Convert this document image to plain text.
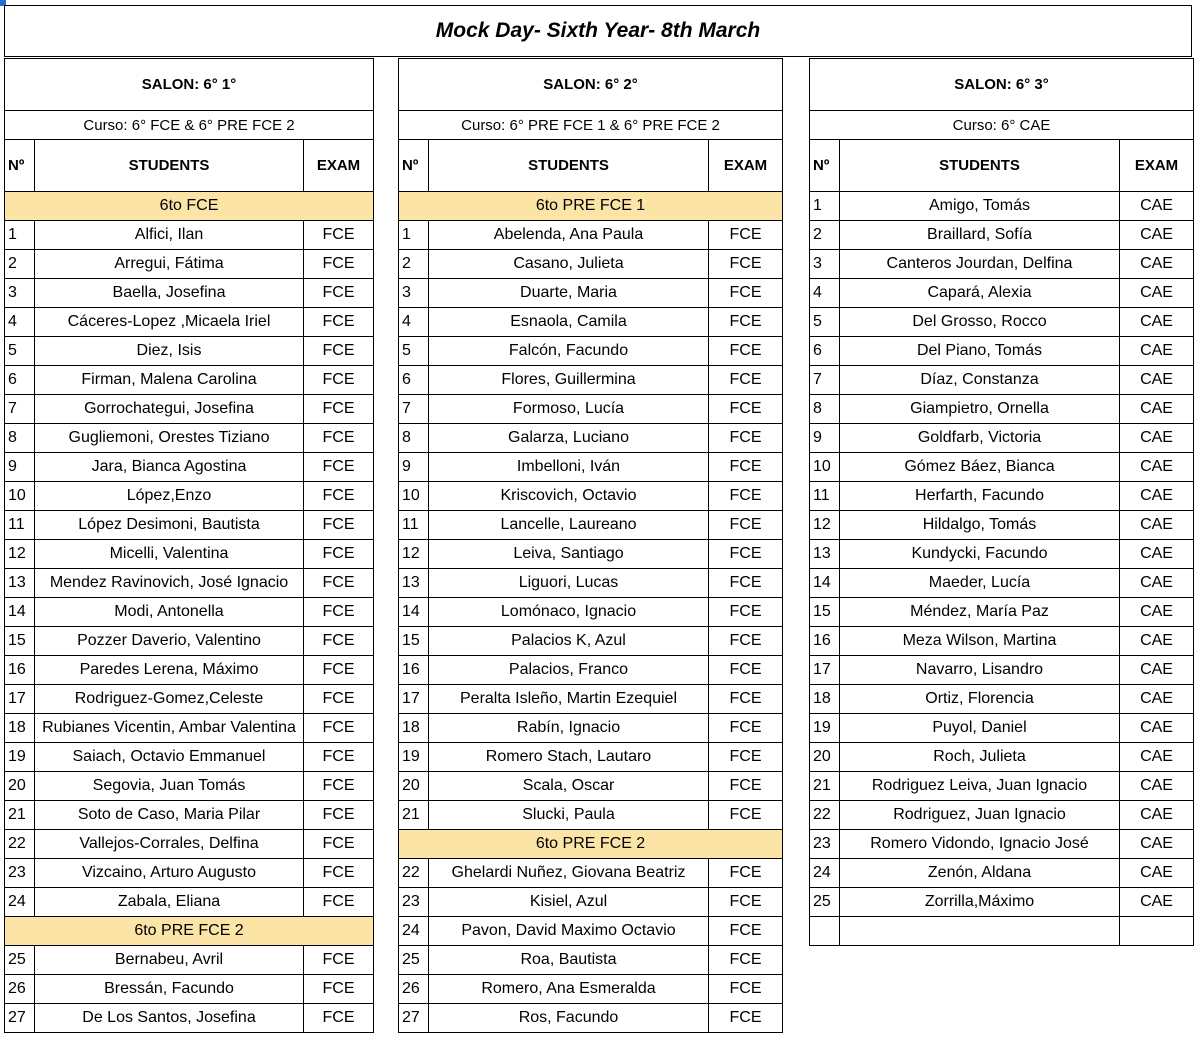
Mock Day- Sixth Year- 8th March
SALON: 6° 1°		
Curso: 6° FCE & 6° PRE FCE 2		
Nº	STUDENTS	EXAM
6to FCE		
1	Alfici, Ilan	FCE
2	Arregui, Fátima	FCE
3	Baella, Josefina	FCE
4	Cáceres-Lopez ,Micaela Iriel	FCE
5	Diez, Isis	FCE
6	Firman, Malena Carolina	FCE
7	Gorrochategui, Josefina	FCE
8	Gugliemoni, Orestes Tiziano	FCE
9	Jara, Bianca Agostina	FCE
10	López,Enzo	FCE
11	López Desimoni, Bautista	FCE
12	Micelli, Valentina	FCE
13	Mendez Ravinovich, José Ignacio	FCE
14	Modi, Antonella	FCE
15	Pozzer Daverio, Valentino	FCE
16	Paredes Lerena, Máximo	FCE
17	Rodriguez-Gomez,Celeste	FCE
18	Rubianes Vicentin, Ambar Valentina	FCE
19	Saiach, Octavio Emmanuel	FCE
20	Segovia, Juan Tomás	FCE
21	Soto de Caso, Maria Pilar	FCE
22	Vallejos-Corrales, Delfina	FCE
23	Vizcaino, Arturo Augusto	FCE
24	Zabala, Eliana	FCE
6to PRE FCE 2		
25	Bernabeu, Avril	FCE
26	Bressán, Facundo	FCE
27	De Los Santos, Josefina	FCE
SALON: 6° 2°		
Curso: 6° PRE FCE 1 & 6° PRE FCE 2		
Nº	STUDENTS	EXAM
6to PRE FCE 1		
1	Abelenda, Ana Paula	FCE
2	Casano, Julieta	FCE
3	Duarte, Maria	FCE
4	Esnaola, Camila	FCE
5	Falcón, Facundo	FCE
6	Flores, Guillermina	FCE
7	Formoso, Lucía	FCE
8	Galarza, Luciano	FCE
9	Imbelloni, Iván	FCE
10	Kriscovich, Octavio	FCE
11	Lancelle, Laureano	FCE
12	Leiva, Santiago	FCE
13	Liguori, Lucas	FCE
14	Lomónaco, Ignacio	FCE
15	Palacios K, Azul	FCE
16	Palacios, Franco	FCE
17	Peralta Isleño, Martin Ezequiel	FCE
18	Rabín, Ignacio	FCE
19	Romero Stach, Lautaro	FCE
20	Scala, Oscar	FCE
21	Slucki, Paula	FCE
6to PRE FCE 2		
22	Ghelardi Nuñez, Giovana Beatriz	FCE
23	Kisiel, Azul	FCE
24	Pavon, David Maximo Octavio	FCE
25	Roa, Bautista	FCE
26	Romero, Ana Esmeralda	FCE
27	Ros, Facundo	FCE
SALON: 6° 3°		
Curso: 6° CAE		
Nº	STUDENTS	EXAM
1	Amigo, Tomás	CAE
2	Braillard, Sofía	CAE
3	Canteros Jourdan, Delfina	CAE
4	Capará, Alexia	CAE
5	Del Grosso, Rocco	CAE
6	Del Piano, Tomás	CAE
7	Díaz, Constanza	CAE
8	Giampietro, Ornella	CAE
9	Goldfarb, Victoria	CAE
10	Gómez Báez, Bianca	CAE
11	Herfarth, Facundo	CAE
12	Hildalgo, Tomás	CAE
13	Kundycki, Facundo	CAE
14	Maeder, Lucía	CAE
15	Méndez, María Paz	CAE
16	Meza Wilson, Martina	CAE
17	Navarro, Lisandro	CAE
18	Ortiz, Florencia	CAE
19	Puyol, Daniel	CAE
20	Roch, Julieta	CAE
21	Rodriguez Leiva, Juan Ignacio	CAE
22	Rodriguez, Juan Ignacio	CAE
23	Romero Vidondo, Ignacio José	CAE
24	Zenón, Aldana	CAE
25	Zorrilla,Máximo	CAE
